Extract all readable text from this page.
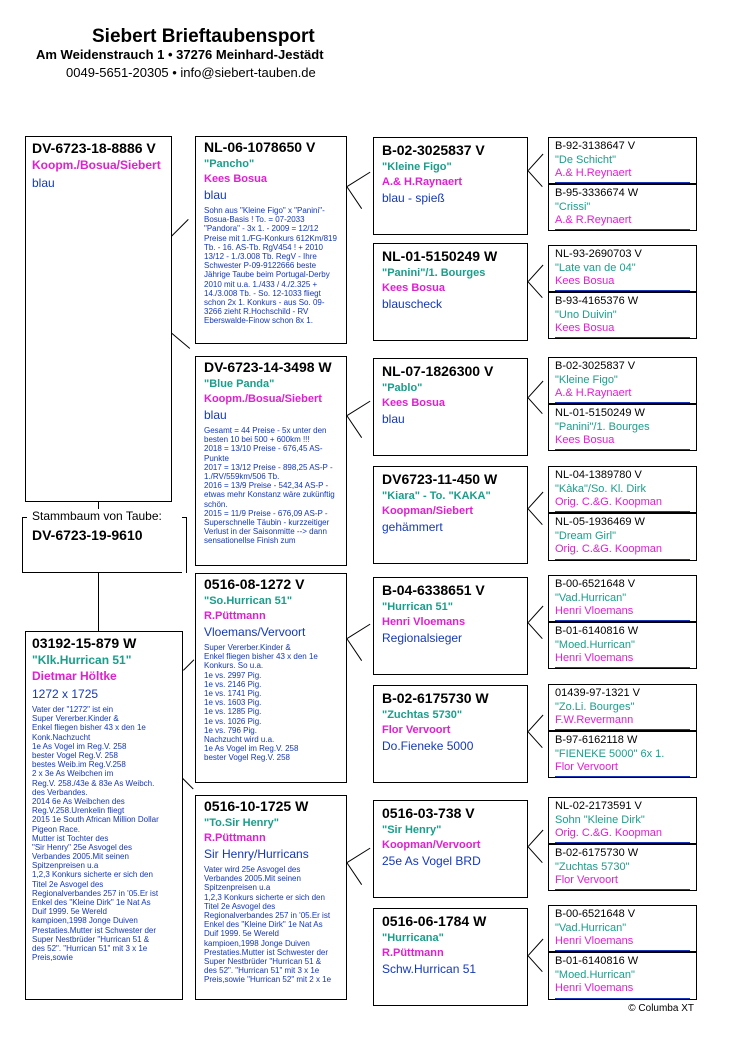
Siebert Brieftaubensport
Am Weidenstrauch 1 • 37276 Meinhard-Jestädt
0049-5651-20305 • info@siebert-tauben.de
Stammbaum von Taube:
DV-6723-19-9610
DV-6723-18-8886 V
Koopm./Bosua/Siebert
blau
03192-15-879 W
"Klk.Hurrican 51"
Dietmar Höltke
1272 x 1725
Vater der "1272" ist ein
Super Vererber.Kinder &
Enkel fliegen bisher 43 x den 1e
Konk.Nachzucht
1e As Vogel im Reg.V. 258
bester Vogel Reg.V. 258
bestes Weib.im Reg.V.258
2 x 3e As Weibchen im
Reg.V. 258./43e & 83e As Weibch.
des Verbandes.
2014 6e As Weibchen des
Reg.V.258.Urenkelin fliegt
2015 1e South African Million Dollar
Pigeon Race.
Mutter ist Tochter des
"Sir Henry" 25e Asvogel des
Verbandes 2005.Mit seinen
Spitzenpreisen u.a
1,2,3 Konkurs sicherte er sich den
Titel 2e Asvogel des
Regionalverbandes 257 in '05.Er ist
Enkel des "Kleine Dirk" 1e Nat As
Duif 1999. 5e Wereld
kampioen,1998 Jonge Duiven
Prestaties.Mutter ist Schwester der
Super Nestbrüder "Hurrican 51 &
des 52". "Hurrican 51" mit 3 x 1e
Preis,sowie
NL-06-1078650 V
"Pancho"
Kees Bosua
blau
Sohn aus "Kleine Figo" x "Panini"-
Bosua-Basis ! To. = 07-2033
"Pandora" - 3x 1. - 2009 = 12/12
Preise mit 1./FG-Konkurs 612Km/819
Tb. - 16. AS-Tb. RgV454 ! + 2010
13/12 - 1./3.008 Tb. RegV - Ihre
Schwester P-09-9122666 beste
Jährige Taube beim Portugal-Derby
2010 mit u.a. 1./433 / 4./2.325 +
14./3.008 Tb. - So. 12-1033 fliegt
schon 2x 1. Konkurs - aus So. 09-
3266 zieht R.Hochschild - RV
Eberswalde-Finow schon 8x 1.
DV-6723-14-3498 W
"Blue Panda"
Koopm./Bosua/Siebert
blau
Gesamt = 44 Preise - 5x unter den
besten 10 bei 500 + 600km !!!
2018 = 13/10 Preise - 676,45 AS-
Punkte
2017 = 13/12 Preise - 898,25 AS-P -
1./RV/559km/506 Tb.
2016 = 13/9 Preise - 542,34 AS-P -
etwas mehr Konstanz wäre zukünftig
schön.
2015 = 11/9 Preise - 676,09 AS-P -
Superschnelle Täubin - kurzzeitiger
Verlust in der Saisonmitte --> dann
sensationellse Finish zum
0516-08-1272 V
"So.Hurrican 51"
R.Püttmann
Vloemans/Vervoort
Super Vererber.Kinder &
Enkel fliegen bisher 43 x den 1e
Konkurs. So u.a.
1e vs. 2997 Pig.
1e vs. 2146 Pig.
1e vs. 1741 Pig.
1e vs. 1603 Pig.
1e vs. 1285 Pig.
1e vs. 1026 Pig.
1e vs. 796 Pig.
Nachzucht wird u.a.
1e As Vogel im Reg.V. 258
bester Vogel Reg.V. 258
0516-10-1725 W
"To.Sir Henry"
R.Püttmann
Sir Henry/Hurricans
Vater wird 25e Asvogel des
Verbandes 2005.Mit seinen
Spitzenpreisen u.a
1,2,3 Konkurs sicherte er sich den
Titel 2e Asvogel des
Regionalverbandes 257 in '05.Er ist
Enkel des "Kleine Dirk" 1e Nat As
Duif 1999. 5e Wereld
kampioen,1998 Jonge Duiven
Prestaties.Mutter ist Schwester der
Super Nestbrüder "Hurrican 51 &
des 52". "Hurrican 51" mit 3 x 1e
Preis,sowie "Hurrican 52" mit 2 x 1e
B-02-3025837 V
"Kleine Figo"
A.& H.Raynaert
blau - spieß
NL-01-5150249 W
"Panini"/1. Bourges
Kees Bosua
blauscheck
NL-07-1826300 V
"Pablo"
Kees Bosua
blau
DV6723-11-450 W
"Kiara" - To. "KAKA"
Koopman/Siebert
gehämmert
B-04-6338651 V
"Hurrican 51"
Henri Vloemans
Regionalsieger
B-02-6175730 W
"Zuchtas 5730"
Flor Vervoort
Do.Fieneke 5000
0516-03-738 V
"Sir Henry"
Koopman/Vervoort
25e As Vogel BRD
0516-06-1784 W
"Hurricana"
R.Püttmann
Schw.Hurrican 51
B-92-3138647 V
"De Schicht"
A.& H.Reynaert
B-95-3336674 W
"Crissi"
A.& R.Reynaert
NL-93-2690703 V
"Late van de 04"
Kees Bosua
B-93-4165376 W
"Uno Duivin"
Kees Bosua
B-02-3025837 V
"Kleine Figo"
A.& H.Raynaert
NL-01-5150249 W
"Panini"/1. Bourges
Kees Bosua
NL-04-1389780 V
"Kàka"/So. Kl. Dirk
Orig. C.&G. Koopman
NL-05-1936469 W
"Dream Girl"
Orig. C.&G. Koopman
B-00-6521648 V
"Vad.Hurrican"
Henri Vloemans
B-01-6140816 W
"Moed.Hurrican"
Henri Vloemans
01439-97-1321 V
"Zo.Li. Bourges"
F.W.Revermann
B-97-6162118 W
"FIENEKE 5000" 6x 1.
Flor Vervoort
NL-02-2173591 V
Sohn "Kleine Dirk"
Orig. C.&G. Koopman
B-02-6175730 W
"Zuchtas 5730"
Flor Vervoort
B-00-6521648 V
"Vad.Hurrican"
Henri Vloemans
B-01-6140816 W
"Moed.Hurrican"
Henri Vloemans
© Columba XT
